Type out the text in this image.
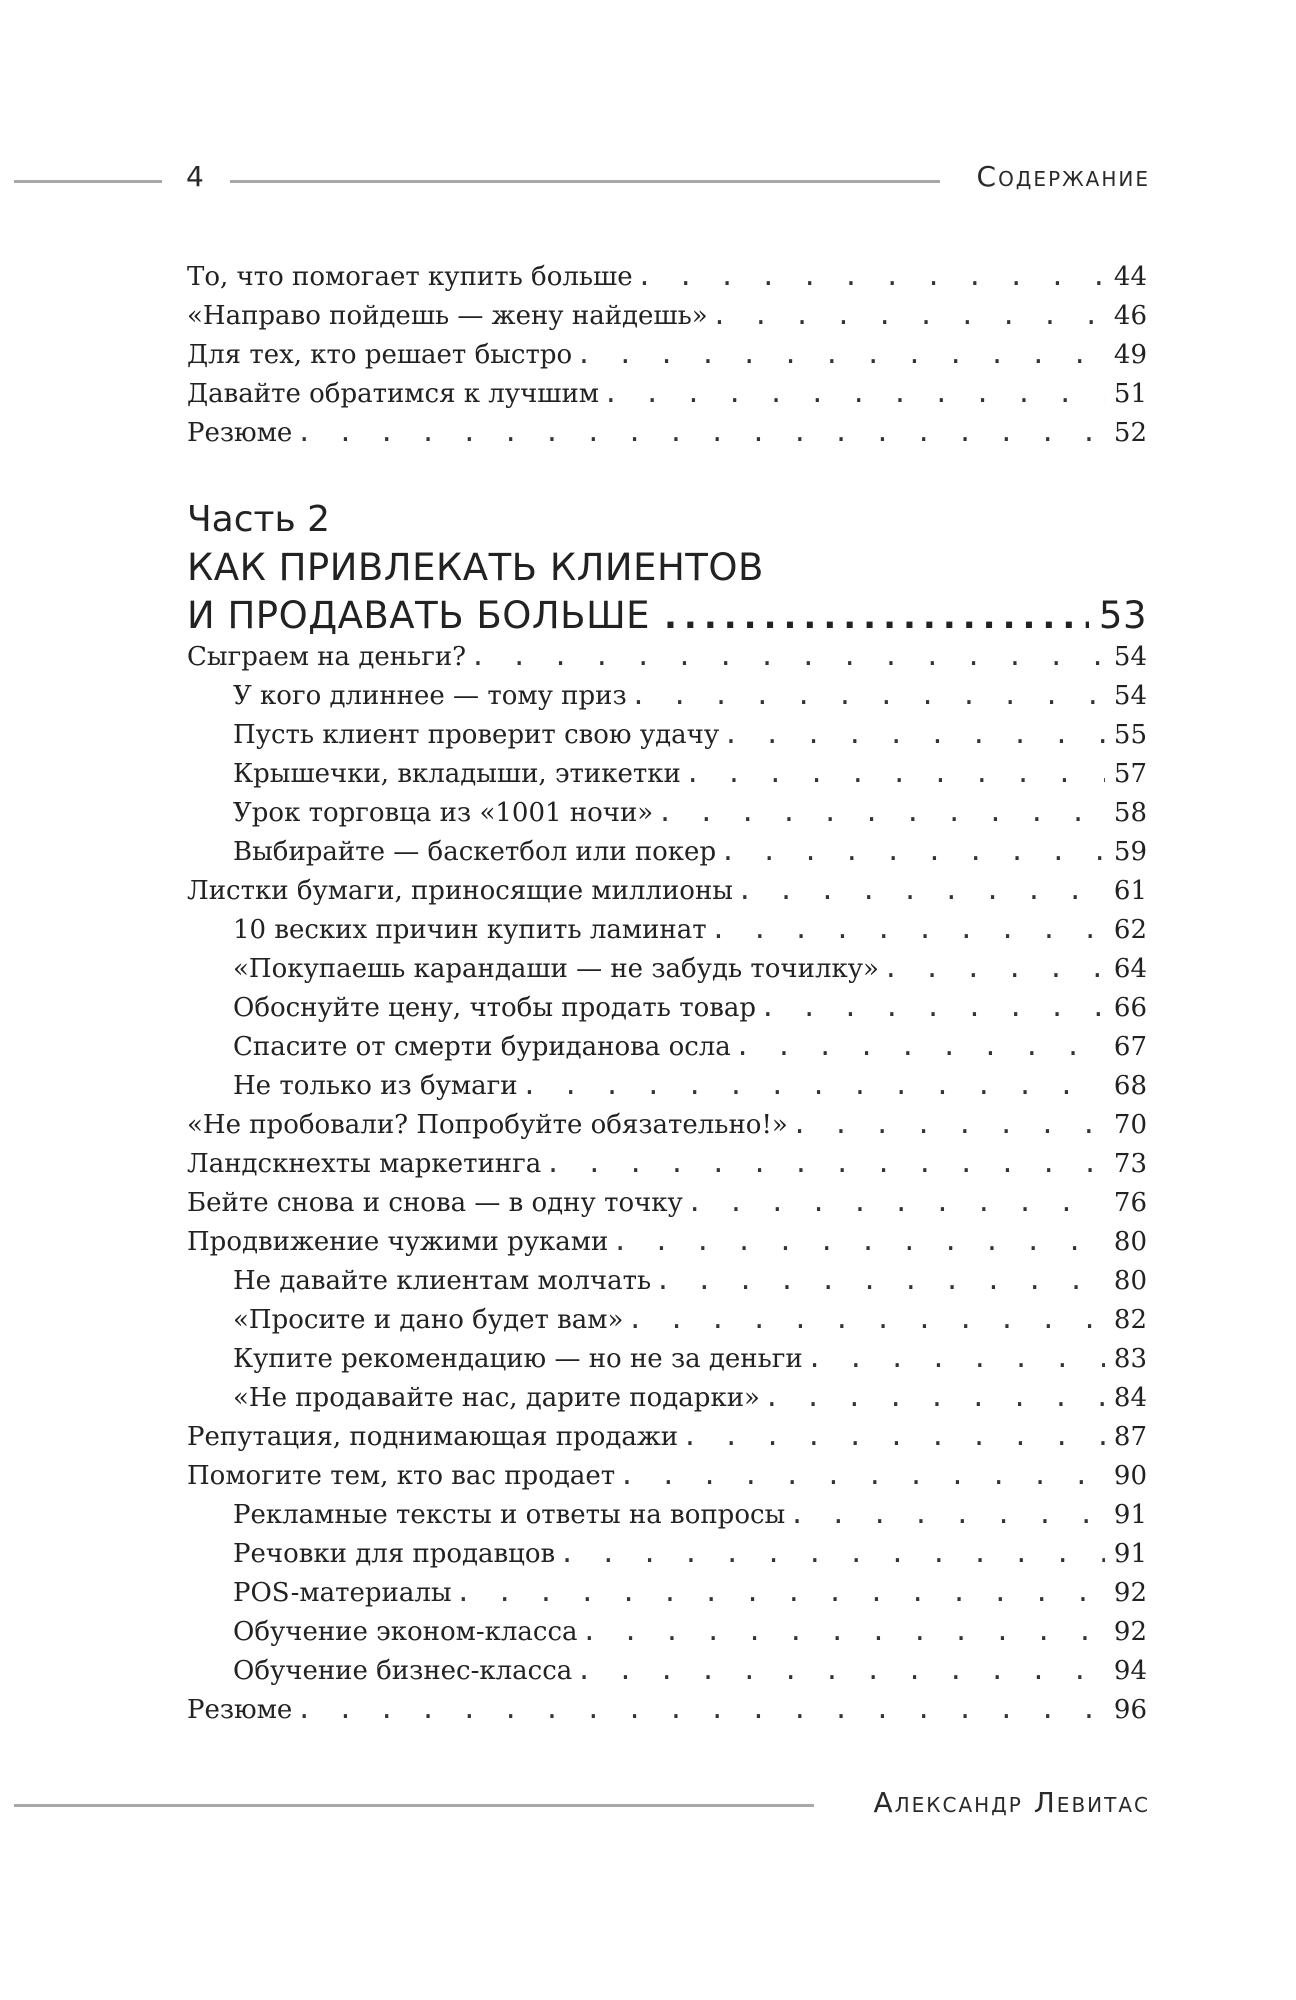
4	Содержание
То, что помогает купить больше . . .	44
«Направо пойдешь — жену найдешь» . . .	46
Для тех, кто решает быстро . . .	49
Давайте обратимся к лучшим . . .	51
Резюме . . .	52
Часть 2
КАК ПРИВЛЕКАТЬ КЛИЕНТОВ
И ПРОДАВАТЬ БОЛЬШЕ .....	53
Сыграем на деньги? . . .	54
У кого длиннее — тому приз . . .	54
Пусть клиент проверит свою удачу . . .	55
Крышечки, вкладыши, этикетки . . .	57
Урок торговца из «1001 ночи» . . .	58
Выбирайте — баскетбол или покер . . .	59
Листки бумаги, приносящие миллионы . . .	61
10 веских причин купить ламинат . . .	62
«Покупаешь карандаши — не забудь точилку» . . .	64
Обоснуйте цену, чтобы продать товар . . .	66
Спасите от смерти буриданова осла . . .	67
Не только из бумаги . . .	68
«Не пробовали? Попробуйте обязательно!» . . .	70
Ландскнехты маркетинга . . .	73
Бейте снова и снова — в одну точку . . .	76
Продвижение чужими руками . . .	80
Не давайте клиентам молчать . . .	80
«Просите и дано будет вам» . . .	82
Купите рекомендацию — но не за деньги . . .	83
«Не продавайте нас, дарите подарки» . . .	84
Репутация, поднимающая продажи . . .	87
Помогите тем, кто вас продает . . .	90
Рекламные тексты и ответы на вопросы . . .	91
Речовки для продавцов . . .	91
POS-материалы . . .	92
Обучение эконом-класса . . .	92
Обучение бизнес-класса . . .	94
Резюме . . .	96
Александр Левитас
